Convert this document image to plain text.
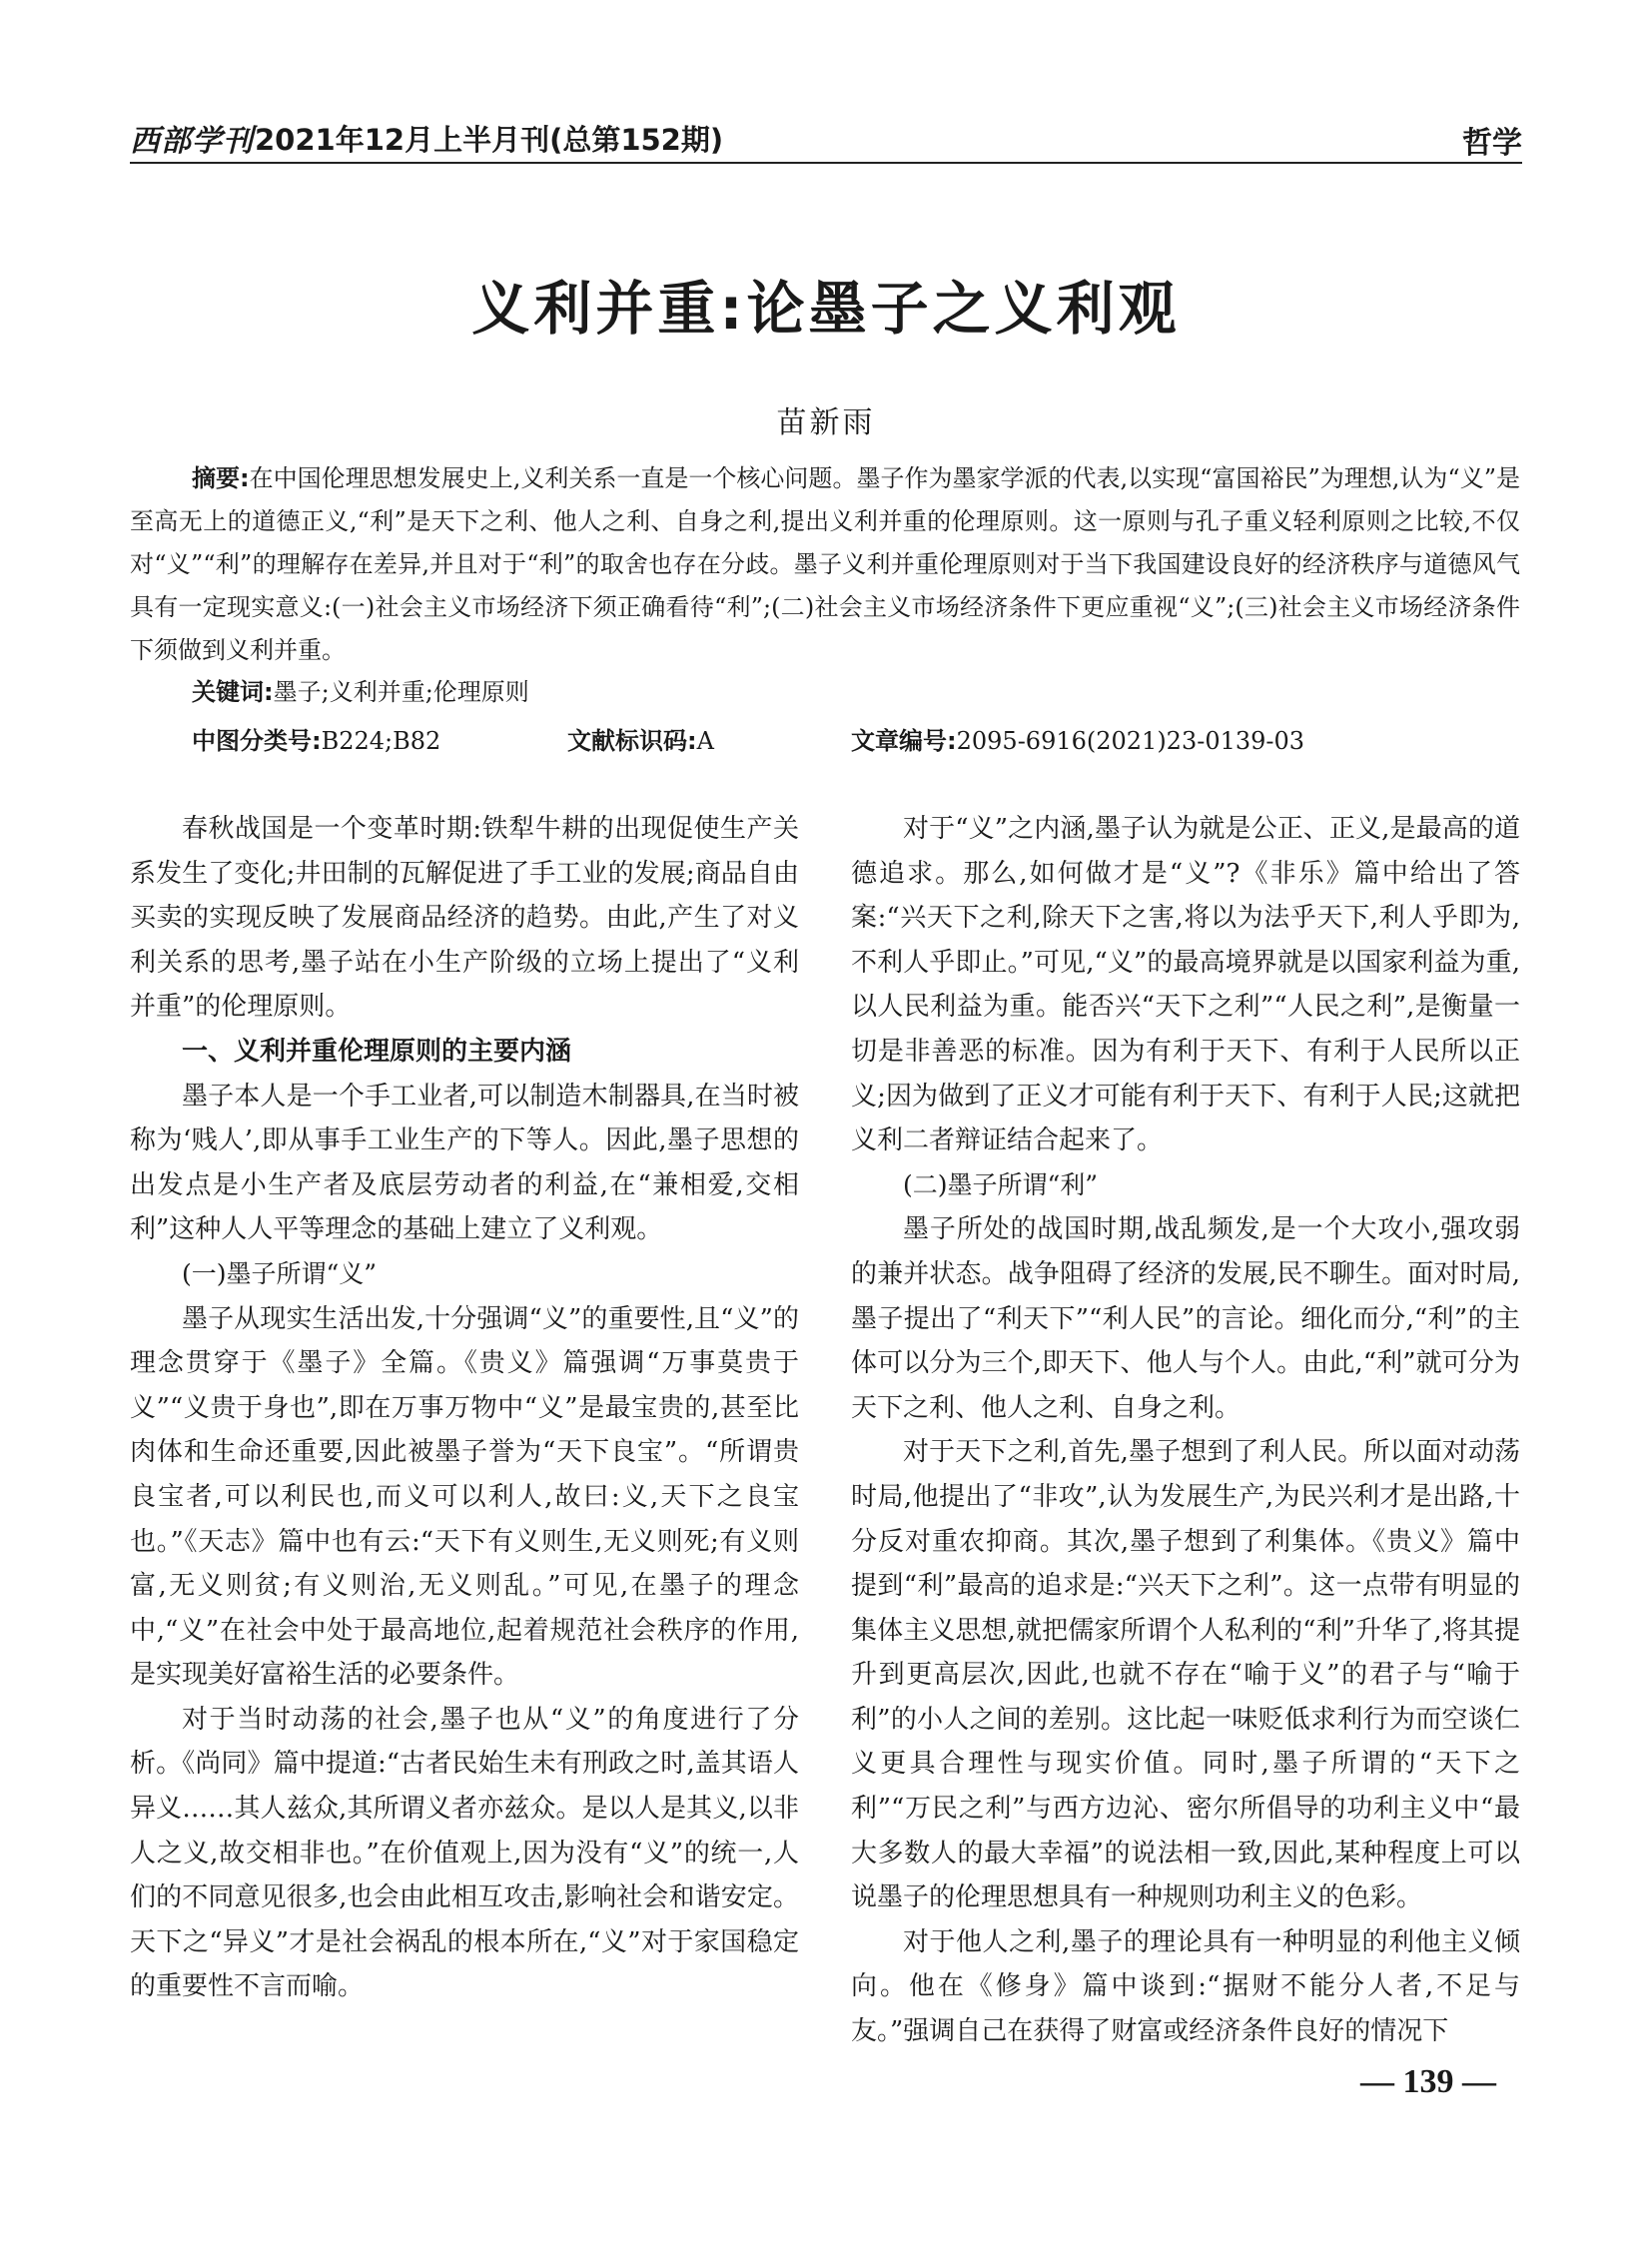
西部学刊 2021年12月上半月刊(总第152期)	哲学
义利并重:论墨子之义利观
苗新雨

摘要:在中国伦理思想发展史上,义利关系一直是一个核心问题。墨子作为墨家学派的代表,以实现“富国裕民”为理想,认为“义”是至高无上的道德正义,“利”是天下之利、他人之利、自身之利,提出义利并重的伦理原则。这一原则与孔子重义轻利原则之比较,不仅对“义”“利”的理解存在差异,并且对于“利”的取舍也存在分歧。墨子义利并重伦理原则对于当下我国建设良好的经济秩序与道德风气具有一定现实意义:(一)社会主义市场经济下须正确看待“利”;(二)社会主义市场经济条件下更应重视“义”;(三)社会主义市场经济条件下须做到义利并重。

关键词:墨子;义利并重;伦理原则
中图分类号:B224;B82	文献标识码:A	文章编号:2095-6916(2021)23-0139-03

春秋战国是一个变革时期:铁犁牛耕的出现促使生产关系发生了变化;井田制的瓦解促进了手工业的发展;商品自由买卖的实现反映了发展商品经济的趋势。由此,产生了对义利关系的思考,墨子站在小生产阶级的立场上提出了“义利并重”的伦理原则。

一、义利并重伦理原则的主要内涵

墨子本人是一个手工业者,可以制造木制器具,在当时被称为‘贱人’,即从事手工业生产的下等人。因此,墨子思想的出发点是小生产者及底层劳动者的利益,在“兼相爱,交相利”这种人人平等理念的基础上建立了义利观。

(一)墨子所谓“义”

墨子从现实生活出发,十分强调“义”的重要性,且“义”的理念贯穿于《墨子》全篇。《贵义》篇强调“万事莫贵于义”“义贵于身也”,即在万事万物中“义”是最宝贵的,甚至比肉体和生命还重要,因此被墨子誉为“天下良宝”。“所谓贵良宝者,可以利民也,而义可以利人,故曰:义,天下之良宝也。”《天志》篇中也有云:“天下有义则生,无义则死;有义则富,无义则贫;有义则治,无义则乱。”可见,在墨子的理念中,“义”在社会中处于最高地位,起着规范社会秩序的作用,是实现美好富裕生活的必要条件。

对于当时动荡的社会,墨子也从“义”的角度进行了分析。《尚同》篇中提道:“古者民始生未有刑政之时,盖其语人异义……其人兹众,其所谓义者亦兹众。是以人是其义,以非人之义,故交相非也。”在价值观上,因为没有“义”的统一,人们的不同意见很多,也会由此相互攻击,影响社会和谐安定。天下之“异义”才是社会祸乱的根本所在,“义”对于家国稳定的重要性不言而喻。

对于“义”之内涵,墨子认为就是公正、正义,是最高的道德追求。那么,如何做才是“义”?《非乐》篇中给出了答案:“兴天下之利,除天下之害,将以为法乎天下,利人乎即为,不利人乎即止。”可见,“义”的最高境界就是以国家利益为重,以人民利益为重。能否兴“天下之利”“人民之利”,是衡量一切是非善恶的标准。因为有利于天下、有利于人民所以正义;因为做到了正义才可能有利于天下、有利于人民;这就把义利二者辩证结合起来了。

(二)墨子所谓“利”

墨子所处的战国时期,战乱频发,是一个大攻小,强攻弱的兼并状态。战争阻碍了经济的发展,民不聊生。面对时局,墨子提出了“利天下”“利人民”的言论。细化而分,“利”的主体可以分为三个,即天下、他人与个人。由此,“利”就可分为天下之利、他人之利、自身之利。

对于天下之利,首先,墨子想到了利人民。所以面对动荡时局,他提出了“非攻”,认为发展生产,为民兴利才是出路,十分反对重农抑商。其次,墨子想到了利集体。《贵义》篇中提到“利”最高的追求是:“兴天下之利”。这一点带有明显的集体主义思想,就把儒家所谓个人私利的“利”升华了,将其提升到更高层次,因此,也就不存在“喻于义”的君子与“喻于利”的小人之间的差别。这比起一味贬低求利行为而空谈仁义更具合理性与现实价值。同时,墨子所谓的“天下之利”“万民之利”与西方边沁、密尔所倡导的功利主义中“最大多数人的最大幸福”的说法相一致,因此,某种程度上可以说墨子的伦理思想具有一种规则功利主义的色彩。

对于他人之利,墨子的理论具有一种明显的利他主义倾向。他在《修身》篇中谈到:“据财不能分人者,不足与友。”强调自己在获得了财富或经济条件良好的情况下

— 139 —
